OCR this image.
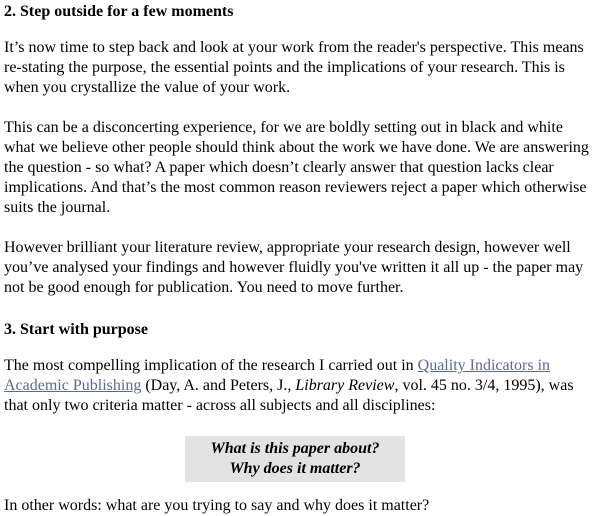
2. Step outside for a few moments

It’s now time to step back and look at your work from the reader's perspective. This means re-stating the purpose, the essential points and the implications of your research. This is when you crystallize the value of your work.

This can be a disconcerting experience, for we are boldly setting out in black and white what we believe other people should think about the work we have done. We are answering the question - so what? A paper which doesn’t clearly answer that question lacks clear implications. And that’s the most common reason reviewers reject a paper which otherwise suits the journal.

However brilliant your literature review, appropriate your research design, however well you’ve analysed your findings and however fluidly you've written it all up - the paper may not be good enough for publication. You need to move further.

3. Start with purpose

The most compelling implication of the research I carried out in Quality Indicators in Academic Publishing (Day, A. and Peters, J., Library Review, vol. 45 no. 3/4, 1995), was that only two criteria matter - across all subjects and all disciplines:

What is this paper about?
Why does it matter?

In other words: what are you trying to say and why does it matter?
